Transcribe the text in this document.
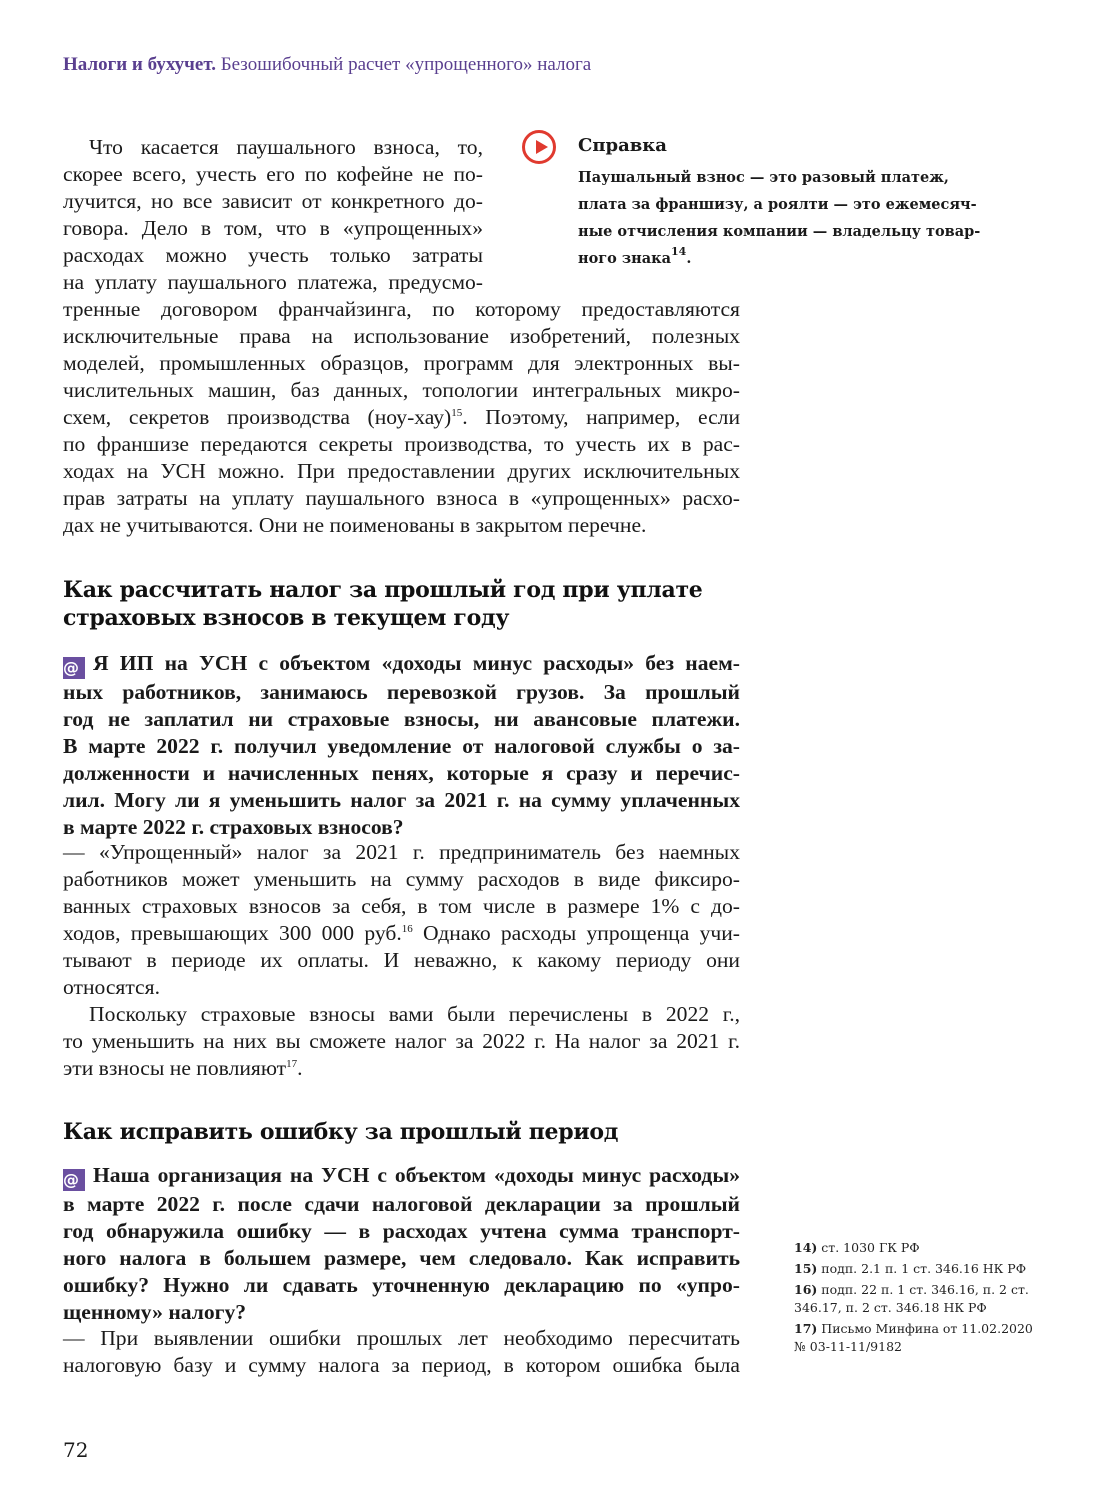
Налоги и бухучет. Безошибочный расчет «упрощенного» налога
Что касается паушального взноса, то,
скорее всего, учесть его по кофейне не по-
лучится, но все зависит от конкретного до-
говора. Дело в том, что в «упрощенных»
расходах можно учесть только затраты
на уплату паушального платежа, предусмо-
тренные договором франчайзинга, по которому предоставляются
исключительные права на использование изобретений, полезных
моделей, промышленных образцов, программ для электронных вы-
числительных машин, баз данных, топологии интегральных микро-
схем, секретов производства $(ноу-хау)^{15}$. Поэтому, например, если
по франшизе передаются секреты производства, то учесть их в рас-
ходах на УСН можно. При предоставлении других исключительных
прав затраты на уплату паушального взноса в «упрощенных» расхо-
дах не учитываются. Они не поименованы в закрытом перечне.
Справка
Паушальный взнос — это разовый платеж,
плата за франшизу, а роялти — это ежемесяч-
ные отчисления компании — владельцу товар-
ного знака$^{14}$.
Как рассчитать налог за прошлый год при уплате
страховых взносов в текущем году
@ Я ИП на УСН с объектом «доходы минус расходы» без наем-
ных работников, занимаюсь перевозкой грузов. За прошлый
год не заплатил ни страховые взносы, ни авансовые платежи.
В марте 2022 г. получил уведомление от налоговой службы о за-
долженности и начисленных пенях, которые я сразу и перечис-
лил. Могу ли я уменьшить налог за 2021 г. на сумму уплаченных
в марте 2022 г. страховых взносов?
— «Упрощенный» налог за 2021 г. предприниматель без наемных
работников может уменьшить на сумму расходов в виде фиксиро-
ванных страховых взносов за себя, в том числе в размере 1% с до-
ходов, превышающих 300 000 руб.$^{16}$ Однако расходы упрощенца учи-
тывают в периоде их оплаты. И неважно, к какому периоду они
относятся.
Поскольку страховые взносы вами были перечислены в 2022 г.,
то уменьшить на них вы сможете налог за 2022 г. На налог за 2021 г.
эти взносы не повлияют$^{17}$.
Как исправить ошибку за прошлый период
@ Наша организация на УСН с объектом «доходы минус расходы»
в марте 2022 г. после сдачи налоговой декларации за прошлый
год обнаружила ошибку — в расходах учтена сумма транспорт-
ного налога в большем размере, чем следовало. Как исправить
ошибку? Нужно ли сдавать уточненную декларацию по «упро-
щенному» налогу?
— При выявлении ошибки прошлых лет необходимо пересчитать
налоговую базу и сумму налога за период, в котором ошибка была
14) ст. 1030 ГК РФ
15) подп. 2.1 п. 1 ст. 346.16 НК РФ
16) подп. 22 п. 1 ст. 346.16, п. 2 ст. 346.17, п. 2 ст. 346.18 НК РФ
17) Письмо Минфина от 11.02.2020 № 03-11-11/9182
72
